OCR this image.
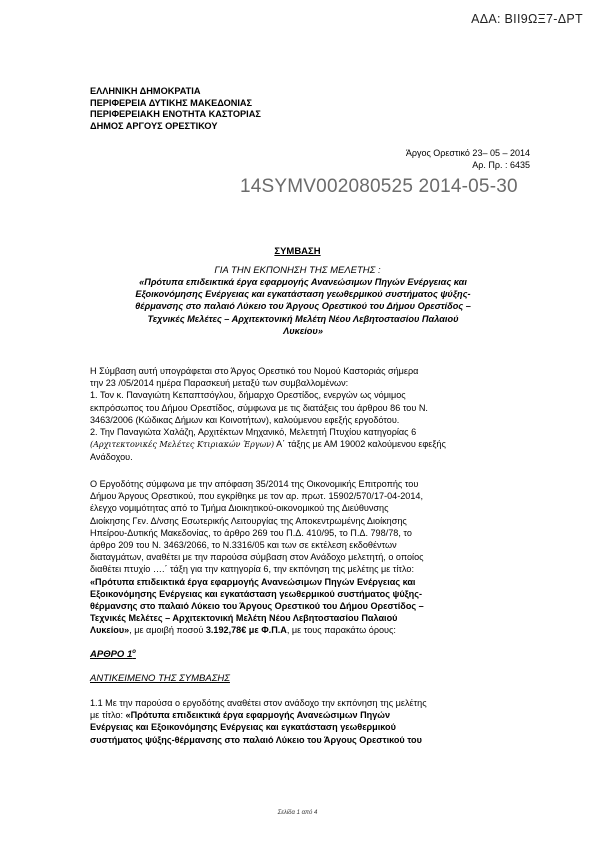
ΑΔΑ: ΒΙΙ9ΩΞ7-ΔΡΤ
ΕΛΛΗΝΙΚΗ ΔΗΜΟΚΡΑΤΙΑ
ΠΕΡΙΦΕΡΕΙΑ ΔΥΤΙΚΗΣ ΜΑΚΕΔΟΝΙΑΣ
ΠΕΡΙΦΕΡΕΙΑΚΗ ΕΝΟΤΗΤΑ ΚΑΣΤΟΡΙΑΣ
ΔΗΜΟΣ ΑΡΓΟΥΣ ΟΡΕΣΤΙΚΟΥ
Άργος Ορεστικό 23– 05 – 2014
Αρ. Πρ. : 6435
14SYMV002080525 2014-05-30
ΣΥΜΒΑΣΗ
ΓΙΑ ΤΗΝ ΕΚΠΟΝΗΣΗ ΤΗΣ ΜΕΛΕΤΗΣ :
«Πρότυπα επιδεικτικά έργα εφαρμογής Ανανεώσιμων Πηγών Ενέργειας και
Εξοικονόμησης Ενέργειας και εγκατάσταση γεωθερμικού συστήματος ψύξης-
θέρμανσης στο παλαιό Λύκειο του Άργους Ορεστικού του Δήμου Ορεστίδος –
Τεχνικές Μελέτες – Αρχιτεκτονική Μελέτη Νέου Λεβητοστασίου Παλαιού
Λυκείου»
Η Σύμβαση αυτή υπογράφεται στο Άργος Ορεστικό του Νομού Καστοριάς σήμερα
την 23 /05/2014 ημέρα Παρασκευή μεταξύ των συμβαλλομένων:
1. Τον κ. Παναγιώτη Κεπαπτσόγλου, δήμαρχο Ορεστίδος, ενεργών ως νόμιμος
εκπρόσωπος του Δήμου Ορεστίδος, σύμφωνα με τις διατάξεις του άρθρου 86 του Ν.
3463/2006 (Κώδικας Δήμων και Κοινοτήτων), καλούμενου εφεξής εργοδότου.
2. Την Παναγιώτα Χαλάζη, Αρχιτέκτων Μηχανικό, Μελετητή Πτυχίου κατηγορίας 6
(Αρχιτεκτονικές Μελέτες Κτιριακών Έργων) Α΄ τάξης με ΑΜ 19002 καλούμενου εφεξής
Ανάδοχου.
Ο Εργοδότης σύμφωνα με την απόφαση 35/2014 της Οικονομικής Επιτροπής του
Δήμου Άργους Ορεστικού, που εγκρίθηκε με τον αρ. πρωτ. 15902/570/17-04-2014,
έλεγχο νομιμότητας από το Τμήμα Διοικητικού-οικονομικού της Διεύθυνσης
Διοίκησης Γεν. Δ/νσης Εσωτερικής Λειτουργίας της Αποκεντρωμένης Διοίκησης
Ηπείρου-Δυτικής Μακεδονίας, το άρθρο 269 του Π.Δ. 410/95, το Π.Δ. 798/78, το
άρθρο 209 του Ν. 3463/2066, το Ν.3316/05 και των σε εκτέλεση εκδοθέντων
διαταγμάτων, αναθέτει με την παρούσα σύμβαση στον Ανάδοχο μελετητή, ο οποίος
διαθέτει πτυχίο ….΄ τάξη για την κατηγορία 6, την εκπόνηση της μελέτης με τίτλο:
«Πρότυπα επιδεικτικά έργα εφαρμογής Ανανεώσιμων Πηγών Ενέργειας και
Εξοικονόμησης Ενέργειας και εγκατάσταση γεωθερμικού συστήματος ψύξης-
θέρμανσης στο παλαιό Λύκειο του Άργους Ορεστικού του Δήμου Ορεστίδος –
Τεχνικές Μελέτες – Αρχιτεκτονική Μελέτη Νέου Λεβητοστασίου Παλαιού
Λυκείου», με αμοιβή ποσού 3.192,78€ με Φ.Π.Α, με τους παρακάτω όρους:
ΑΡΘΡΟ $1^o$
ΑΝΤΙΚΕΙΜΕΝΟ ΤΗΣ ΣΥΜΒΑΣΗΣ
1.1 Με την παρούσα ο εργοδότης αναθέτει στον ανάδοχο την εκπόνηση της μελέτης
με τίτλο: «Πρότυπα επιδεικτικά έργα εφαρμογής Ανανεώσιμων Πηγών
Ενέργειας και Εξοικονόμησης Ενέργειας και εγκατάσταση γεωθερμικού
συστήματος ψύξης-θέρμανσης στο παλαιό Λύκειο του Άργους Ορεστικού του
Σελίδα 1 από 4
